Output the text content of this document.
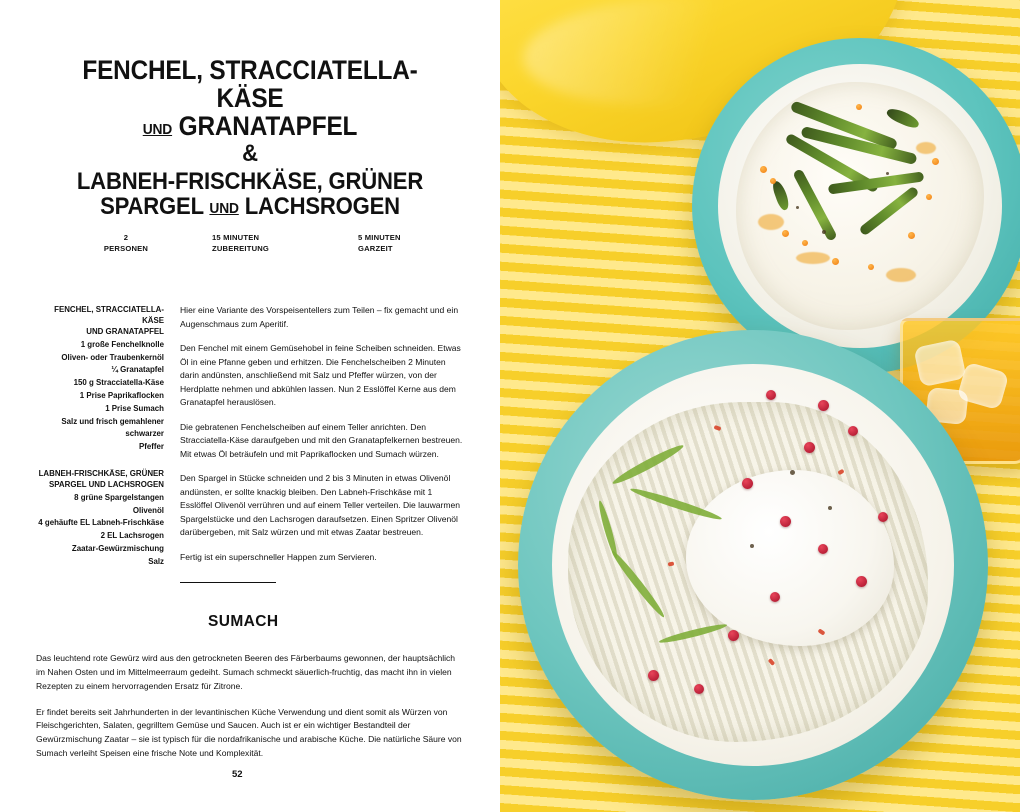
FENCHEL, STRACCIATELLA-KÄSE
UND GRANATAPFEL
&
LABNEH-FRISCHKÄSE, GRÜNER
SPARGEL UND LACHSROGEN
2
PERSONEN
15 MINUTEN
ZUBEREITUNG
5 MINUTEN
GARZEIT
FENCHEL, STRACCIATELLA-KÄSE
UND GRANATAPFEL
1 große Fenchelknolle
Oliven- oder Traubenkernöl
¼ Granatapfel
150 g Stracciatella-Käse
1 Prise Paprikaflocken
1 Prise Sumach
Salz und frisch gemahlener schwarzer
Pfeffer
LABNEH-FRISCHKÄSE, GRÜNER
SPARGEL UND LACHSROGEN
8 grüne Spargelstangen
Olivenöl
4 gehäufte EL Labneh-Frischkäse
2 EL Lachsrogen
Zaatar-Gewürzmischung
Salz

Hier eine Variante des Vorspeisentellers zum Teilen – fix gemacht und ein Augenschmaus zum Aperitif.

Den Fenchel mit einem Gemüsehobel in feine Scheiben schneiden. Etwas Öl in eine Pfanne geben und erhitzen. Die Fenchelscheiben 2 Minuten darin andünsten, anschließend mit Salz und Pfeffer würzen, von der Herdplatte nehmen und abkühlen lassen. Nun 2 Esslöffel Kerne aus dem Granatapfel herauslösen.

Die gebratenen Fenchelscheiben auf einem Teller anrichten. Den Stracciatella-Käse daraufgeben und mit den Granatapfelkernen bestreuen. Mit etwas Öl beträufeln und mit Paprikaflocken und Sumach würzen.

Den Spargel in Stücke schneiden und 2 bis 3 Minuten in etwas Olivenöl andünsten, er sollte knackig bleiben. Den Labneh-Frischkäse mit 1 Esslöffel Olivenöl verrühren und auf einem Teller verteilen. Die lauwarmen Spargelstücke und den Lachsrogen daraufsetzen. Einen Spritzer Olivenöl darübergeben, mit Salz würzen und mit etwas Zaatar bestreuen.

Fertig ist ein superschneller Happen zum Servieren.

SUMACH

Das leuchtend rote Gewürz wird aus den getrockneten Beeren des Färberbaums gewonnen, der hauptsächlich im Nahen Osten und im Mittelmeerraum gedeiht. Sumach schmeckt säuerlich-fruchtig, das macht ihn in vielen Rezepten zu einem hervorragenden Ersatz für Zitrone.

Er findet bereits seit Jahrhunderten in der levantinischen Küche Verwendung und dient somit als Würzen von Fleischgerichten, Salaten, gegrilltem Gemüse und Saucen. Auch ist er ein wichtiger Bestandteil der Gewürzmischung Zaatar – sie ist typisch für die nordafrikanische und arabische Küche. Die natürliche Säure von Sumach verleiht Speisen eine frische Note und Komplexität.

52
